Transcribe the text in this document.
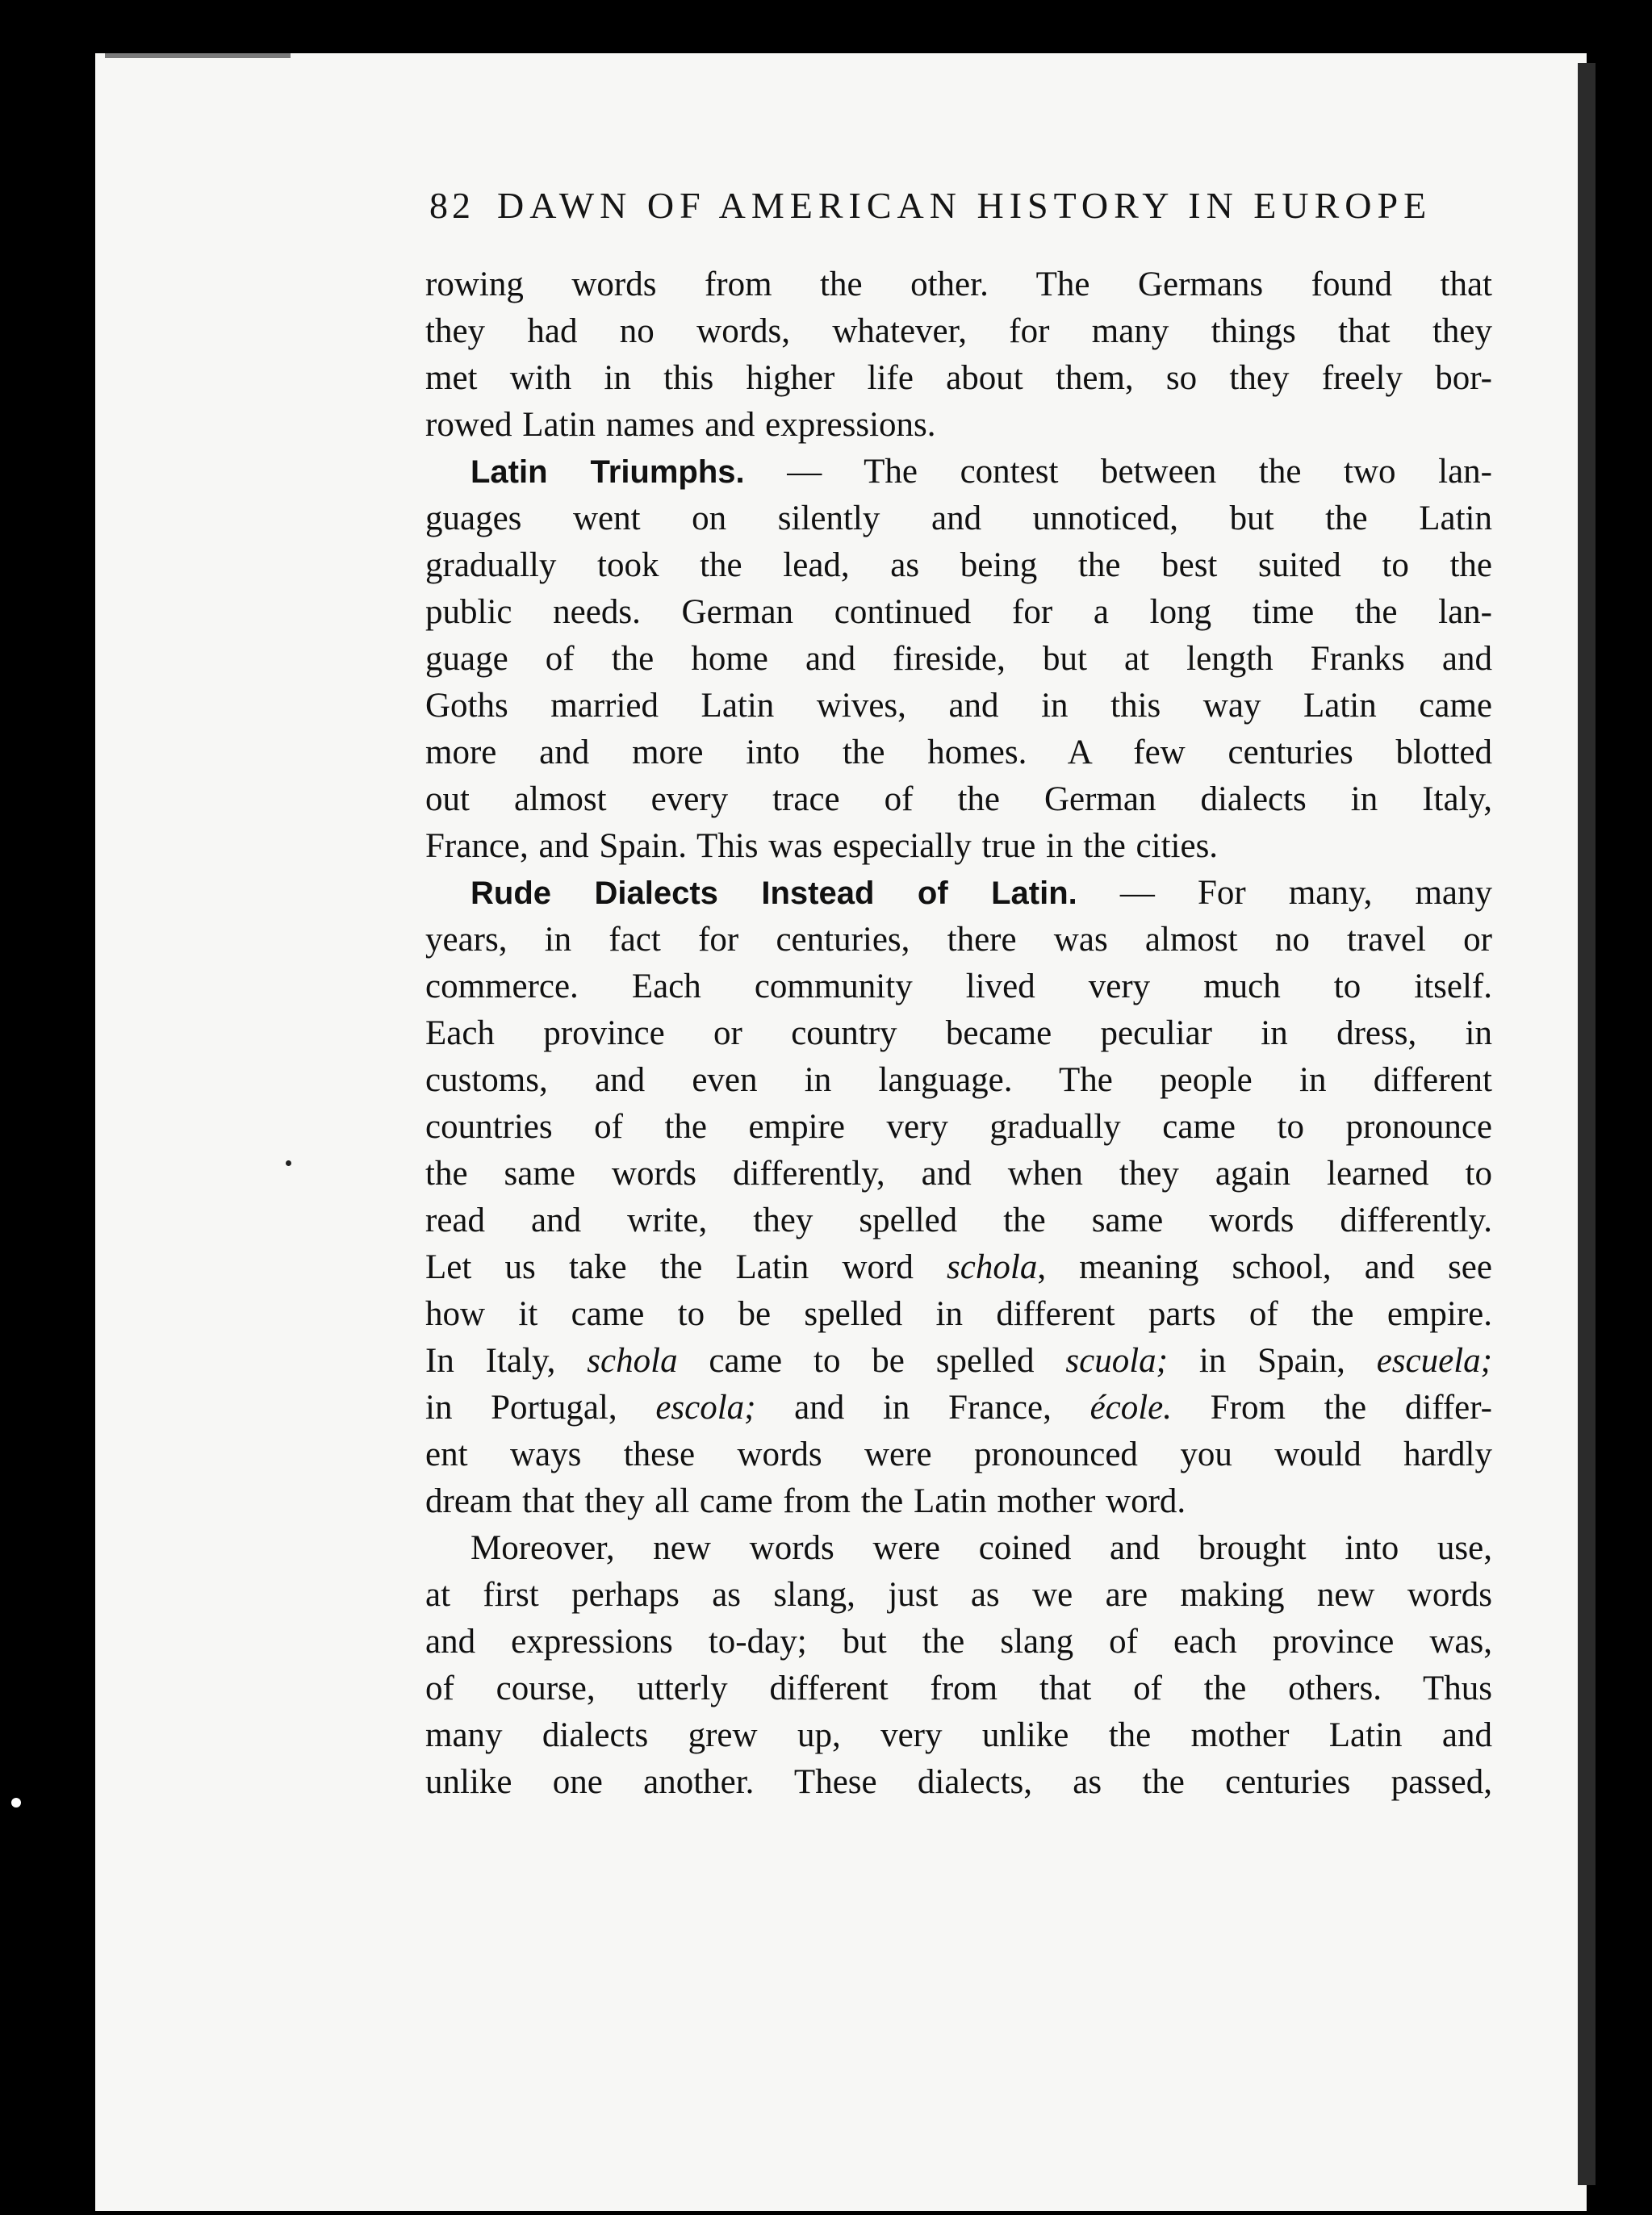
82 DAWN OF AMERICAN HISTORY IN EUROPE
rowing words from the other. The Germans found that
they had no words, whatever, for many things that they
met with in this higher life about them, so they freely bor-
rowed Latin names and expressions.
Latin Triumphs. — The contest between the two lan-
guages went on silently and unnoticed, but the Latin
gradually took the lead, as being the best suited to the
public needs. German continued for a long time the lan-
guage of the home and fireside, but at length Franks and
Goths married Latin wives, and in this way Latin came
more and more into the homes. A few centuries blotted
out almost every trace of the German dialects in Italy,
France, and Spain. This was especially true in the cities.
Rude Dialects Instead of Latin. — For many, many
years, in fact for centuries, there was almost no travel or
commerce. Each community lived very much to itself.
Each province or country became peculiar in dress, in
customs, and even in language. The people in different
countries of the empire very gradually came to pronounce
the same words differently, and when they again learned to
read and write, they spelled the same words differently.
Let us take the Latin word schola, meaning school, and see
how it came to be spelled in different parts of the empire.
In Italy, schola came to be spelled scuola; in Spain, escuela;
in Portugal, escola; and in France, école. From the differ-
ent ways these words were pronounced you would hardly
dream that they all came from the Latin mother word.
Moreover, new words were coined and brought into use,
at first perhaps as slang, just as we are making new words
and expressions to-day; but the slang of each province was,
of course, utterly different from that of the others. Thus
many dialects grew up, very unlike the mother Latin and
unlike one another. These dialects, as the centuries passed,
